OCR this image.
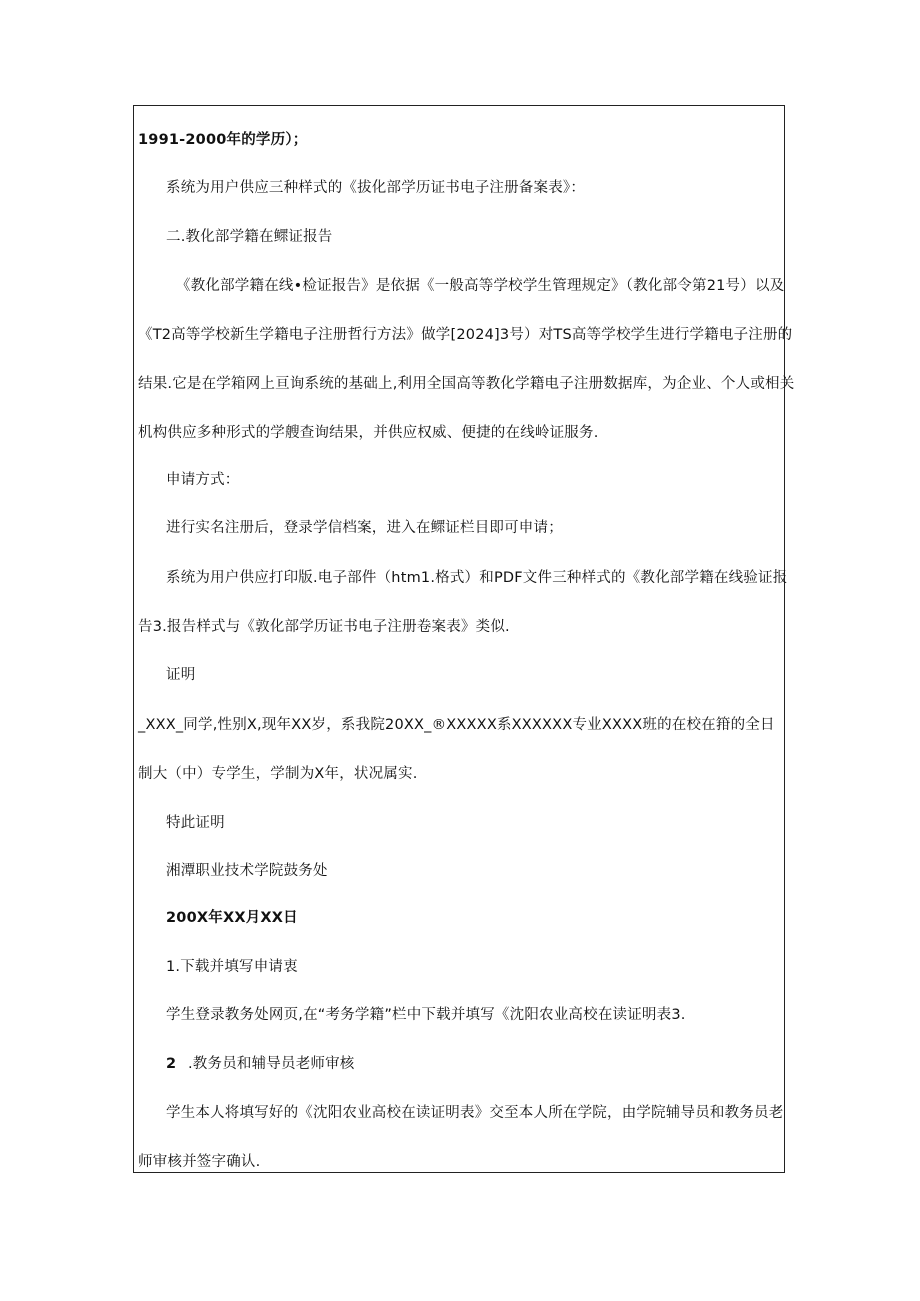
1991-2000年的学历）；
系统为用户供应三种样式的《拔化部学历证书电子注册备案表》：
二.教化部学籍在鳏证报告
《教化部学籍在线•检证报告》是依据《一般高等学校学生管理规定》（教化部令第21号）以及
《T2高等学校新生学籍电子注册哲行方法》做学[2024]3号）对TS高等学校学生进行学籍电子注册的
结果.它是在学箱网上亘询系统的基础上,利用全国高等教化学籍电子注册数据库，为企业、个人或相关
机构供应多种形式的学艘查询结果，并供应权威、便捷的在线岭证服务.
申请方式：
进行实名注册后，登录学信档案，进入在鳏证栏目即可申请；
系统为用户供应打印版.电子部件（htm1.格式）和PDF文件三种样式的《教化部学籍在线验证报
告3.报告样式与《敦化部学历证书电子注册卷案表》类似.
证明
_XXX_同学,性别X,现年XX岁，系我院20XX_®XXXXX系XXXXXX专业XXXX班的在校在箝的全日
制大（中）专学生，学制为X年，状况属实.
特此证明
湘潭职业技术学院鼓务处
200X年XX月XX日
1.下载并填写申请衷
学生登录教务处网页,在“考务学籍”栏中下载并填写《沈阳农业高校在读证明表3.
2 .教务员和辅导员老师审核
学生本人将填写好的《沈阳农业高校在读证明表》交至本人所在学院，由学院辅导员和教务员老
师审核并签字确认.
